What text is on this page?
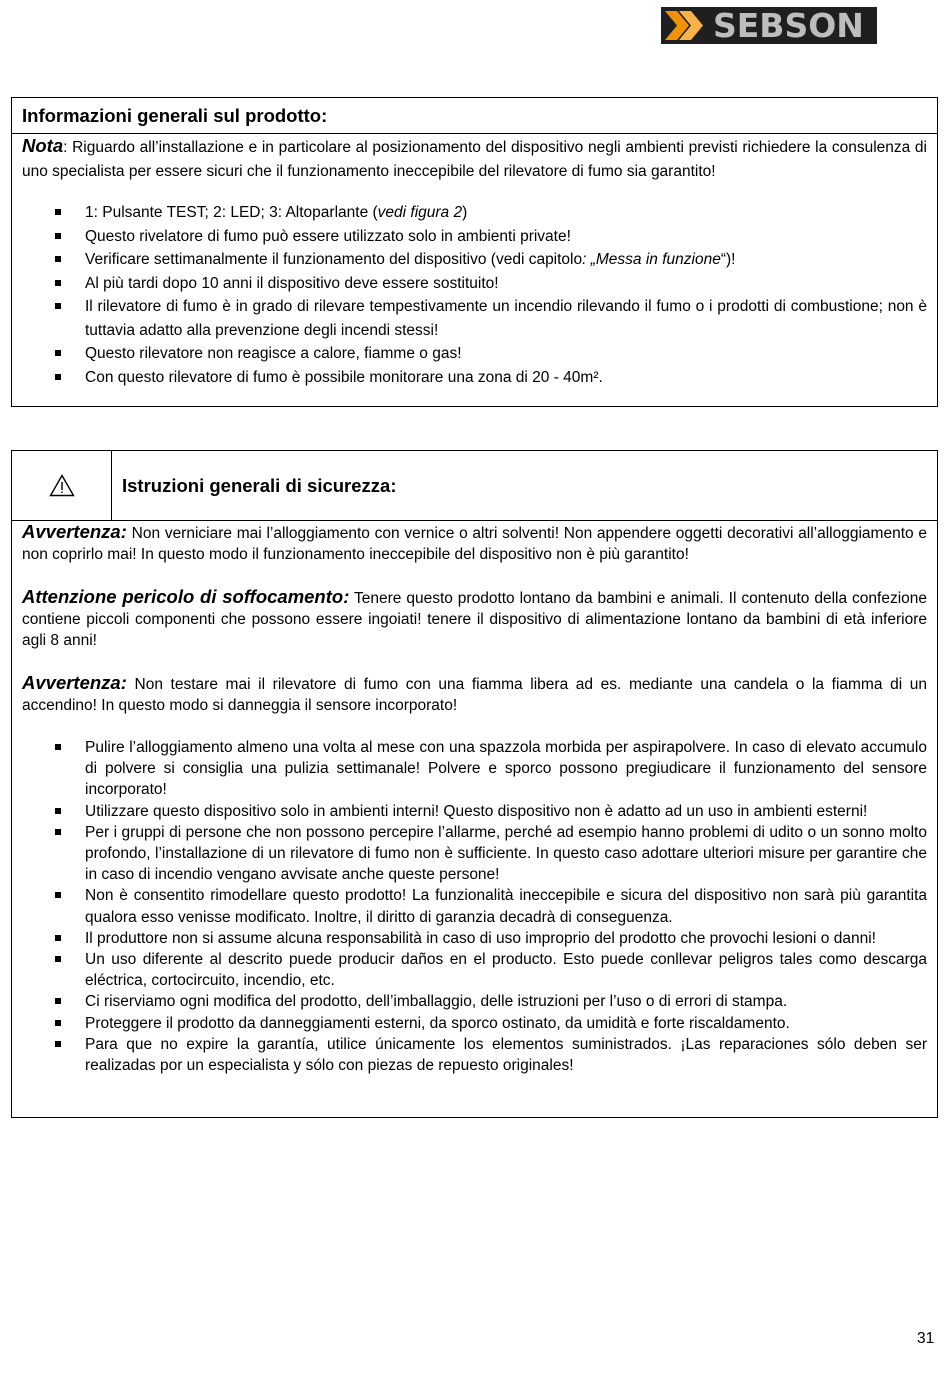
SEBSON
Informazioni generali sul prodotto:
Nota: Riguardo all’installazione e in particolare al posizionamento del dispositivo negli ambienti previsti richiedere la consulenza di uno specialista per essere sicuri che il funzionamento ineccepibile del rilevatore di fumo sia garantito!
1: Pulsante TEST; 2: LED; 3: Altoparlante (vedi figura 2)
Questo rivelatore di fumo può essere utilizzato solo in ambienti private!
Verificare settimanalmente il funzionamento del dispositivo (vedi capitolo: „Messa in funzione“)!
Al più tardi dopo 10 anni il dispositivo deve essere sostituito!
Il rilevatore di fumo è in grado di rilevare tempestivamente un incendio rilevando il fumo o i prodotti di combustione; non è tuttavia adatto alla prevenzione degli incendi stessi!
Questo rilevatore non reagisce a calore, fiamme o gas!
Con questo rilevatore di fumo è possibile monitorare una zona di 20 - 40m².
Istruzioni generali di sicurezza:
Avvertenza: Non verniciare mai l’alloggiamento con vernice o altri solventi! Non appendere oggetti decorativi all’alloggiamento e non coprirlo mai! In questo modo il funzionamento ineccepibile del dispositivo non è più garantito!
Attenzione pericolo di soffocamento: Tenere questo prodotto lontano da bambini e animali. Il contenuto della confezione contiene piccoli componenti che possono essere ingoiati! tenere il dispositivo di alimentazione lontano da bambini di età inferiore agli 8 anni!
Avvertenza: Non testare mai il rilevatore di fumo con una fiamma libera ad es. mediante una candela o la fiamma di un accendino! In questo modo si danneggia il sensore incorporato!
Pulire l’alloggiamento almeno una volta al mese con una spazzola morbida per aspirapolvere. In caso di elevato accumulo di polvere si consiglia una pulizia settimanale! Polvere e sporco possono pregiudicare il funzionamento del sensore incorporato!
Utilizzare questo dispositivo solo in ambienti interni! Questo dispositivo non è adatto ad un uso in ambienti esterni!
Per i gruppi di persone che non possono percepire l’allarme, perché ad esempio hanno problemi di udito o un sonno molto profondo, l’installazione di un rilevatore di fumo non è sufficiente. In questo caso adottare ulteriori misure per garantire che in caso di incendio vengano avvisate anche queste persone!
Non è consentito rimodellare questo prodotto! La funzionalità ineccepibile e sicura del dispositivo non sarà più garantita qualora esso venisse modificato. Inoltre, il diritto di garanzia decadrà di conseguenza.
Il produttore non si assume alcuna responsabilità in caso di uso improprio del prodotto che provochi lesioni o danni!
Un uso diferente al descrito puede producir daños en el producto. Esto puede conllevar peligros tales como descarga eléctrica, cortocircuito, incendio, etc.
Ci riserviamo ogni modifica del prodotto, dell’imballaggio, delle istruzioni per l’uso o di errori di stampa.
Proteggere il prodotto da danneggiamenti esterni, da sporco ostinato, da umidità e forte riscaldamento.
Para que no expire la garantía, utilice únicamente los elementos suministrados. ¡Las reparaciones sólo deben ser realizadas por un especialista y sólo con piezas de repuesto originales!
31
